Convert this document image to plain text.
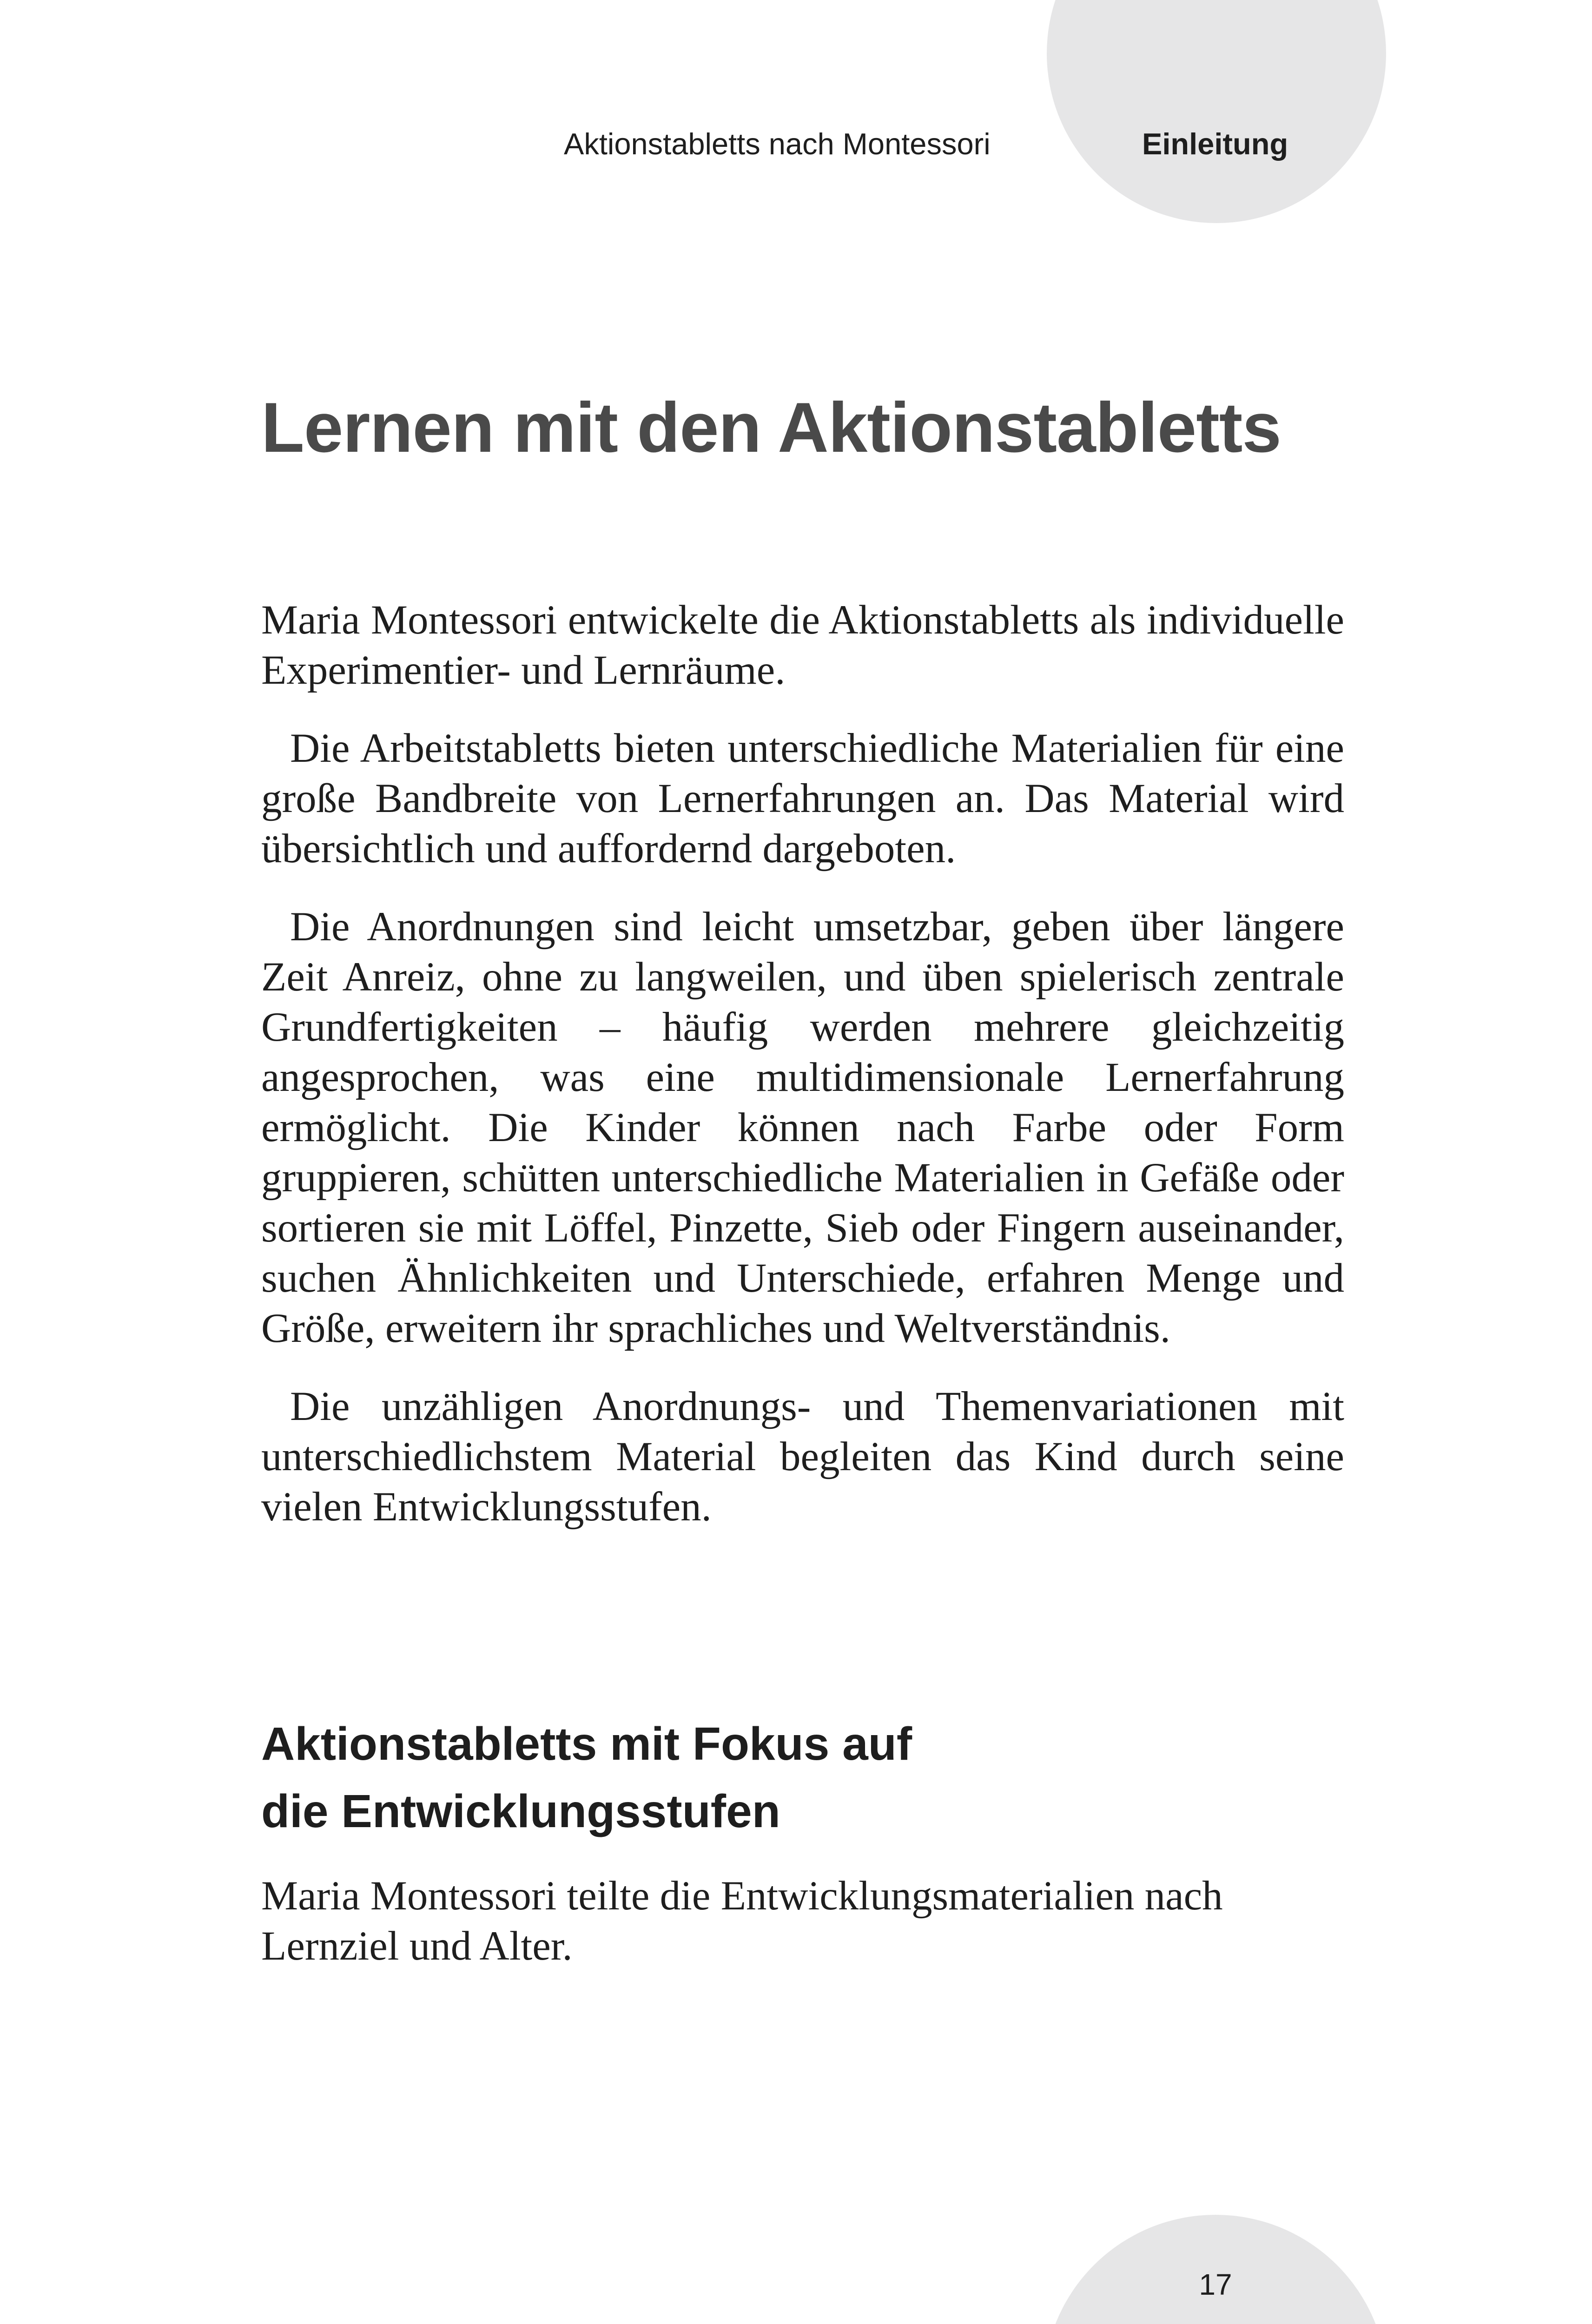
Aktionstabletts nach Montessori	Einleitung
Lernen mit den Aktionstabletts

Maria Montessori entwickelte die Aktionstabletts als individuelle Experimentier- und Lernräume.

Die Arbeitstabletts bieten unterschiedliche Materialien für eine große Bandbreite von Lernerfahrungen an. Das Material wird übersichtlich und auffordernd dargeboten.

Die Anordnungen sind leicht umsetzbar, geben über längere Zeit Anreiz, ohne zu langweilen, und üben spielerisch zentrale Grundfertigkeiten – häufig werden mehrere gleichzeitig angesprochen, was eine multidimensionale Lernerfahrung ermöglicht. Die Kinder können nach Farbe oder Form gruppieren, schütten unterschiedliche Materialien in Gefäße oder sortieren sie mit Löffel, Pinzette, Sieb oder Fingern auseinander, suchen Ähnlichkeiten und Unterschiede, erfahren Menge und Größe, erweitern ihr sprachliches und Weltverständnis.

Die unzähligen Anordnungs- und Themenvariationen mit unterschiedlichstem Material begleiten das Kind durch seine vielen Entwicklungsstufen.

Aktionstabletts mit Fokus auf
die Entwicklungsstufen

Maria Montessori teilte die Entwicklungsmaterialien nach Lernziel und Alter.

17
